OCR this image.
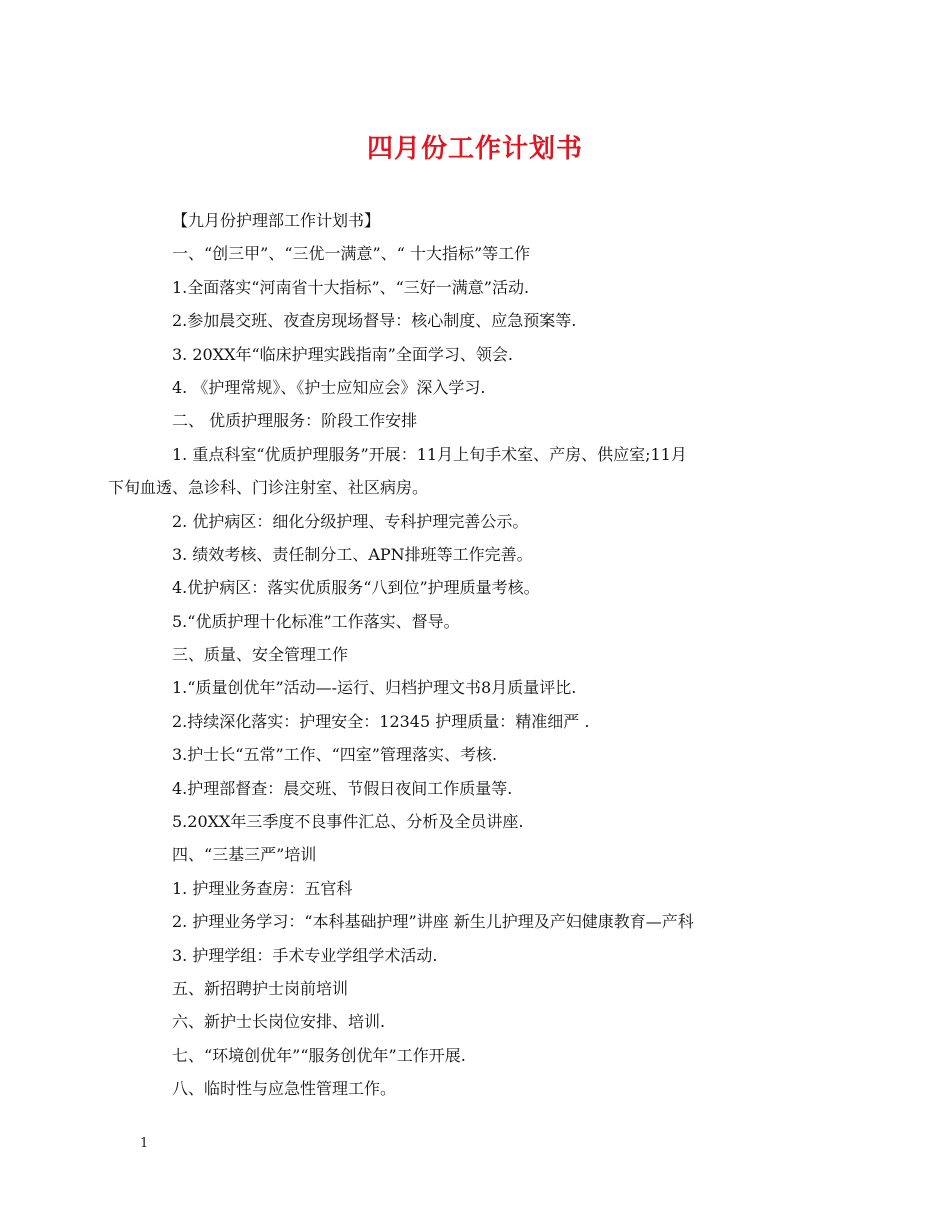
四月份工作计划书
【九月份护理部工作计划书】
一、“创三甲”、“三优一满意”、“ 十大指标”等工作
1.全面落实“河南省十大指标”、“三好一满意”活动.
2.参加晨交班、夜查房现场督导：核心制度、应急预案等.
3. 20XX年“临床护理实践指南”全面学习、领会.
4. 《护理常规》、《护士应知应会》深入学习.
二、 优质护理服务：阶段工作安排
1. 重点科室“优质护理服务”开展：11月上旬手术室、产房、供应室;11月
下旬血透、急诊科、门诊注射室、社区病房。
2. 优护病区：细化分级护理、专科护理完善公示。
3. 绩效考核、责任制分工、APN排班等工作完善。
4.优护病区：落实优质服务“八到位”护理质量考核。
5.“优质护理十化标准”工作落实、督导。
三、质量、安全管理工作
1.“质量创优年”活动—-运行、归档护理文书8月质量评比.
2.持续深化落实：护理安全：12345 护理质量：精准细严 .
3.护士长“五常”工作、“四室”管理落实、考核.
4.护理部督查：晨交班、节假日夜间工作质量等.
5.20XX年三季度不良事件汇总、分析及全员讲座.
四、“三基三严”培训
1. 护理业务查房：五官科
2. 护理业务学习：“本科基础护理”讲座 新生儿护理及产妇健康教育—产科
3. 护理学组：手术专业学组学术活动.
五、新招聘护士岗前培训
六、新护士长岗位安排、培训.
七、“环境创优年”“服务创优年”工作开展.
八、临时性与应急性管理工作。
1
